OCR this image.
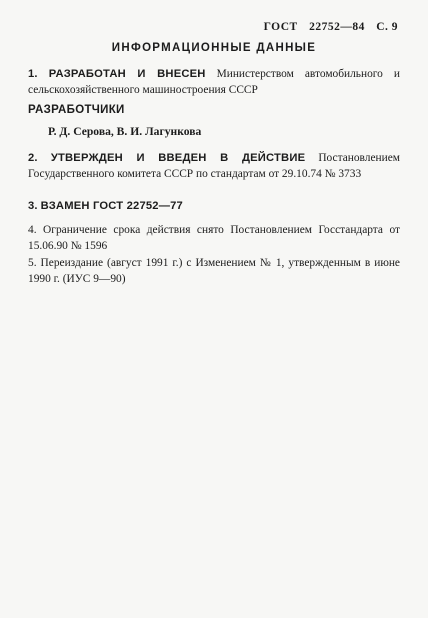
ГОСТ 22752—84 С. 9
ИНФОРМАЦИОННЫЕ ДАННЫЕ
1. РАЗРАБОТАН И ВНЕСЕН Министерством автомобильного и сельскохозяйственного машиностроения СССР
РАЗРАБОТЧИКИ
Р. Д. Серова, В. И. Лагункова
2. УТВЕРЖДЕН И ВВЕДЕН В ДЕЙСТВИЕ Постановлением Государственного комитета СССР по стандартам от 29.10.74 № 3733
3. ВЗАМЕН ГОСТ 22752—77
4. Ограничение срока действия снято Постановлением Госстандарта от 15.06.90 № 1596
5. Переиздание (август 1991 г.) с Изменением № 1, утвержденным в июне 1990 г. (ИУС 9—90)
